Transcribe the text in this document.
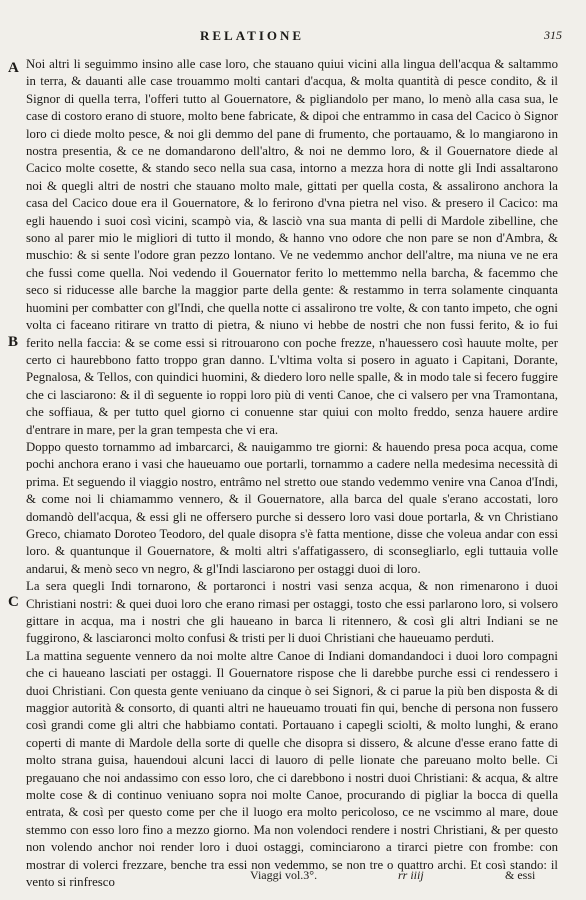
RELATIONE	315
A
B
C

Noi altri li seguimmo insino alle case loro, che stauano quiui vicini alla lingua dell'acqua & saltammo in terra, & dauanti alle case trouammo molti cantari d'acqua, & molta quantità di pesce condito, & il Signor di quella terra, l'offeri tutto al Gouernatore, & pigliandolo per mano, lo menò alla casa sua, le case di costoro erano di stuore, molto bene fabricate, & dipoi che entrammo in casa del Cacico ò Signor loro ci diede molto pesce, & noi gli demmo del pane di frumento, che portauamo, & lo mangiarono in nostra presentia, & ce ne domandarono dell'altro, & noi ne demmo loro, & il Gouernatore diede al Cacico molte cosette, & stando seco nella sua casa, intorno a mezza hora di notte gli Indi assaltarono noi & quegli altri de nostri che stauano molto male, gittati per quella costa, & assalirono anchora la casa del Cacico doue era il Gouernatore, & lo ferirono d'vna pietra nel viso. & presero il Cacico: ma egli hauendo i suoi così vicini, scampò via, & lasciò vna sua manta di pelli di Mardole zibelline, che sono al parer mio le migliori di tutto il mondo, & hanno vno odore che non pare se non d'Ambra, & muschio: & si sente l'odore gran pezzo lontano. Ve ne vedemmo anchor dell'altre, ma niuna ve ne era che fussi come quella. Noi vedendo il Gouernator ferito lo mettemmo nella barcha, & facemmo che seco si riducesse alle barche la maggior parte della gente: & restammo in terra solamente cinquanta huomini per combatter con gl'Indi, che quella notte ci assalirono tre volte, & con tanto impeto, che ogni volta ci faceano ritirare vn tratto di pietra, & niuno vi hebbe de nostri che non fussi ferito, & io fui ferito nella faccia: & se come essi si ritrouarono con poche frezze, n'hauessero così hauute molte, per certo ci haurebbono fatto troppo gran danno. L'vltima volta si posero in aguato i Capitani, Dorante, Pegnalosa, & Tellos, con quindici huomini, & diedero loro nelle spalle, & in modo tale si fecero fuggire che ci lasciarono: & il dì seguente io roppi loro più di venti Canoe, che ci valsero per vna Tramontana, che soffiaua, & per tutto quel giorno ci conuenne star quiui con molto freddo, senza hauere ardire d'entrare in mare, per la gran tempesta che vi era.

Doppo questo tornammo ad imbarcarci, & nauigammo tre giorni: & hauendo presa poca acqua, come pochi anchora erano i vasi che haueuamo oue portarli, tornammo a cadere nella medesima necessità di prima. Et seguendo il viaggio nostro, entrâmo nel stretto oue stando vedemmo venire vna Canoa d'Indi, & come noi li chiamammo vennero, & il Gouernatore, alla barca del quale s'erano accostati, loro domandò dell'acqua, & essi gli ne offersero purche si dessero loro vasi doue portarla, & vn Christiano Greco, chiamato Doroteo Teodoro, del quale disopra s'è fatta mentione, disse che voleua andar con essi loro. & quantunque il Gouernatore, & molti altri s'affatigassero, di sconsegliarlo, egli tuttauia volle andarui, & menò seco vn negro, & gl'Indi lasciarono per ostaggi duoi di loro.

La sera quegli Indi tornarono, & portaronci i nostri vasi senza acqua, & non rimenarono i duoi Christiani nostri: & quei duoi loro che erano rimasi per ostaggi, tosto che essi parlarono loro, si volsero gittare in acqua, ma i nostri che gli haueano in barca li ritennero, & così gli altri Indiani se ne fuggirono, & lasciaronci molto confusi & tristi per li duoi Christiani che haueuamo perduti.

La mattina seguente vennero da noi molte altre Canoe di Indiani domandandoci i duoi loro compagni che ci haueano lasciati per ostaggi. Il Gouernatore rispose che li darebbe purche essi ci rendessero i duoi Christiani. Con questa gente veniuano da cinque ò sei Signori, & ci parue la più ben disposta & di maggior autorità & consorto, di quanti altri ne haueuamo trouati fin qui, benche di persona non fussero così grandi come gli altri che habbiamo contati. Portauano i capegli sciolti, & molto lunghi, & erano coperti di mante di Mardole della sorte di quelle che disopra si dissero, & alcune d'esse erano fatte di molto strana guisa, hauendoui alcuni lacci di lauoro di pelle lionate che pareuano molto belle. Ci pregauano che noi andassimo con esso loro, che ci darebbono i nostri duoi Christiani: & acqua, & altre molte cose & di continuo veniuano sopra noi molte Canoe, procurando di pigliar la bocca di quella entrata, & così per questo come per che il luogo era molto pericoloso, ce ne vscimmo al mare, doue stemmo con esso loro fino a mezzo giorno. Ma non volendoci rendere i nostri Christiani, & per questo non volendo anchor noi render loro i duoi ostaggi, cominciarono a tirarci pietre con frombe: con mostrar di volerci frezzare, benche tra essi non vedemmo, se non tre o quattro archi. Et così stando: il vento si rinfresco

Viaggi vol.3°.	rr iiij	& essi
